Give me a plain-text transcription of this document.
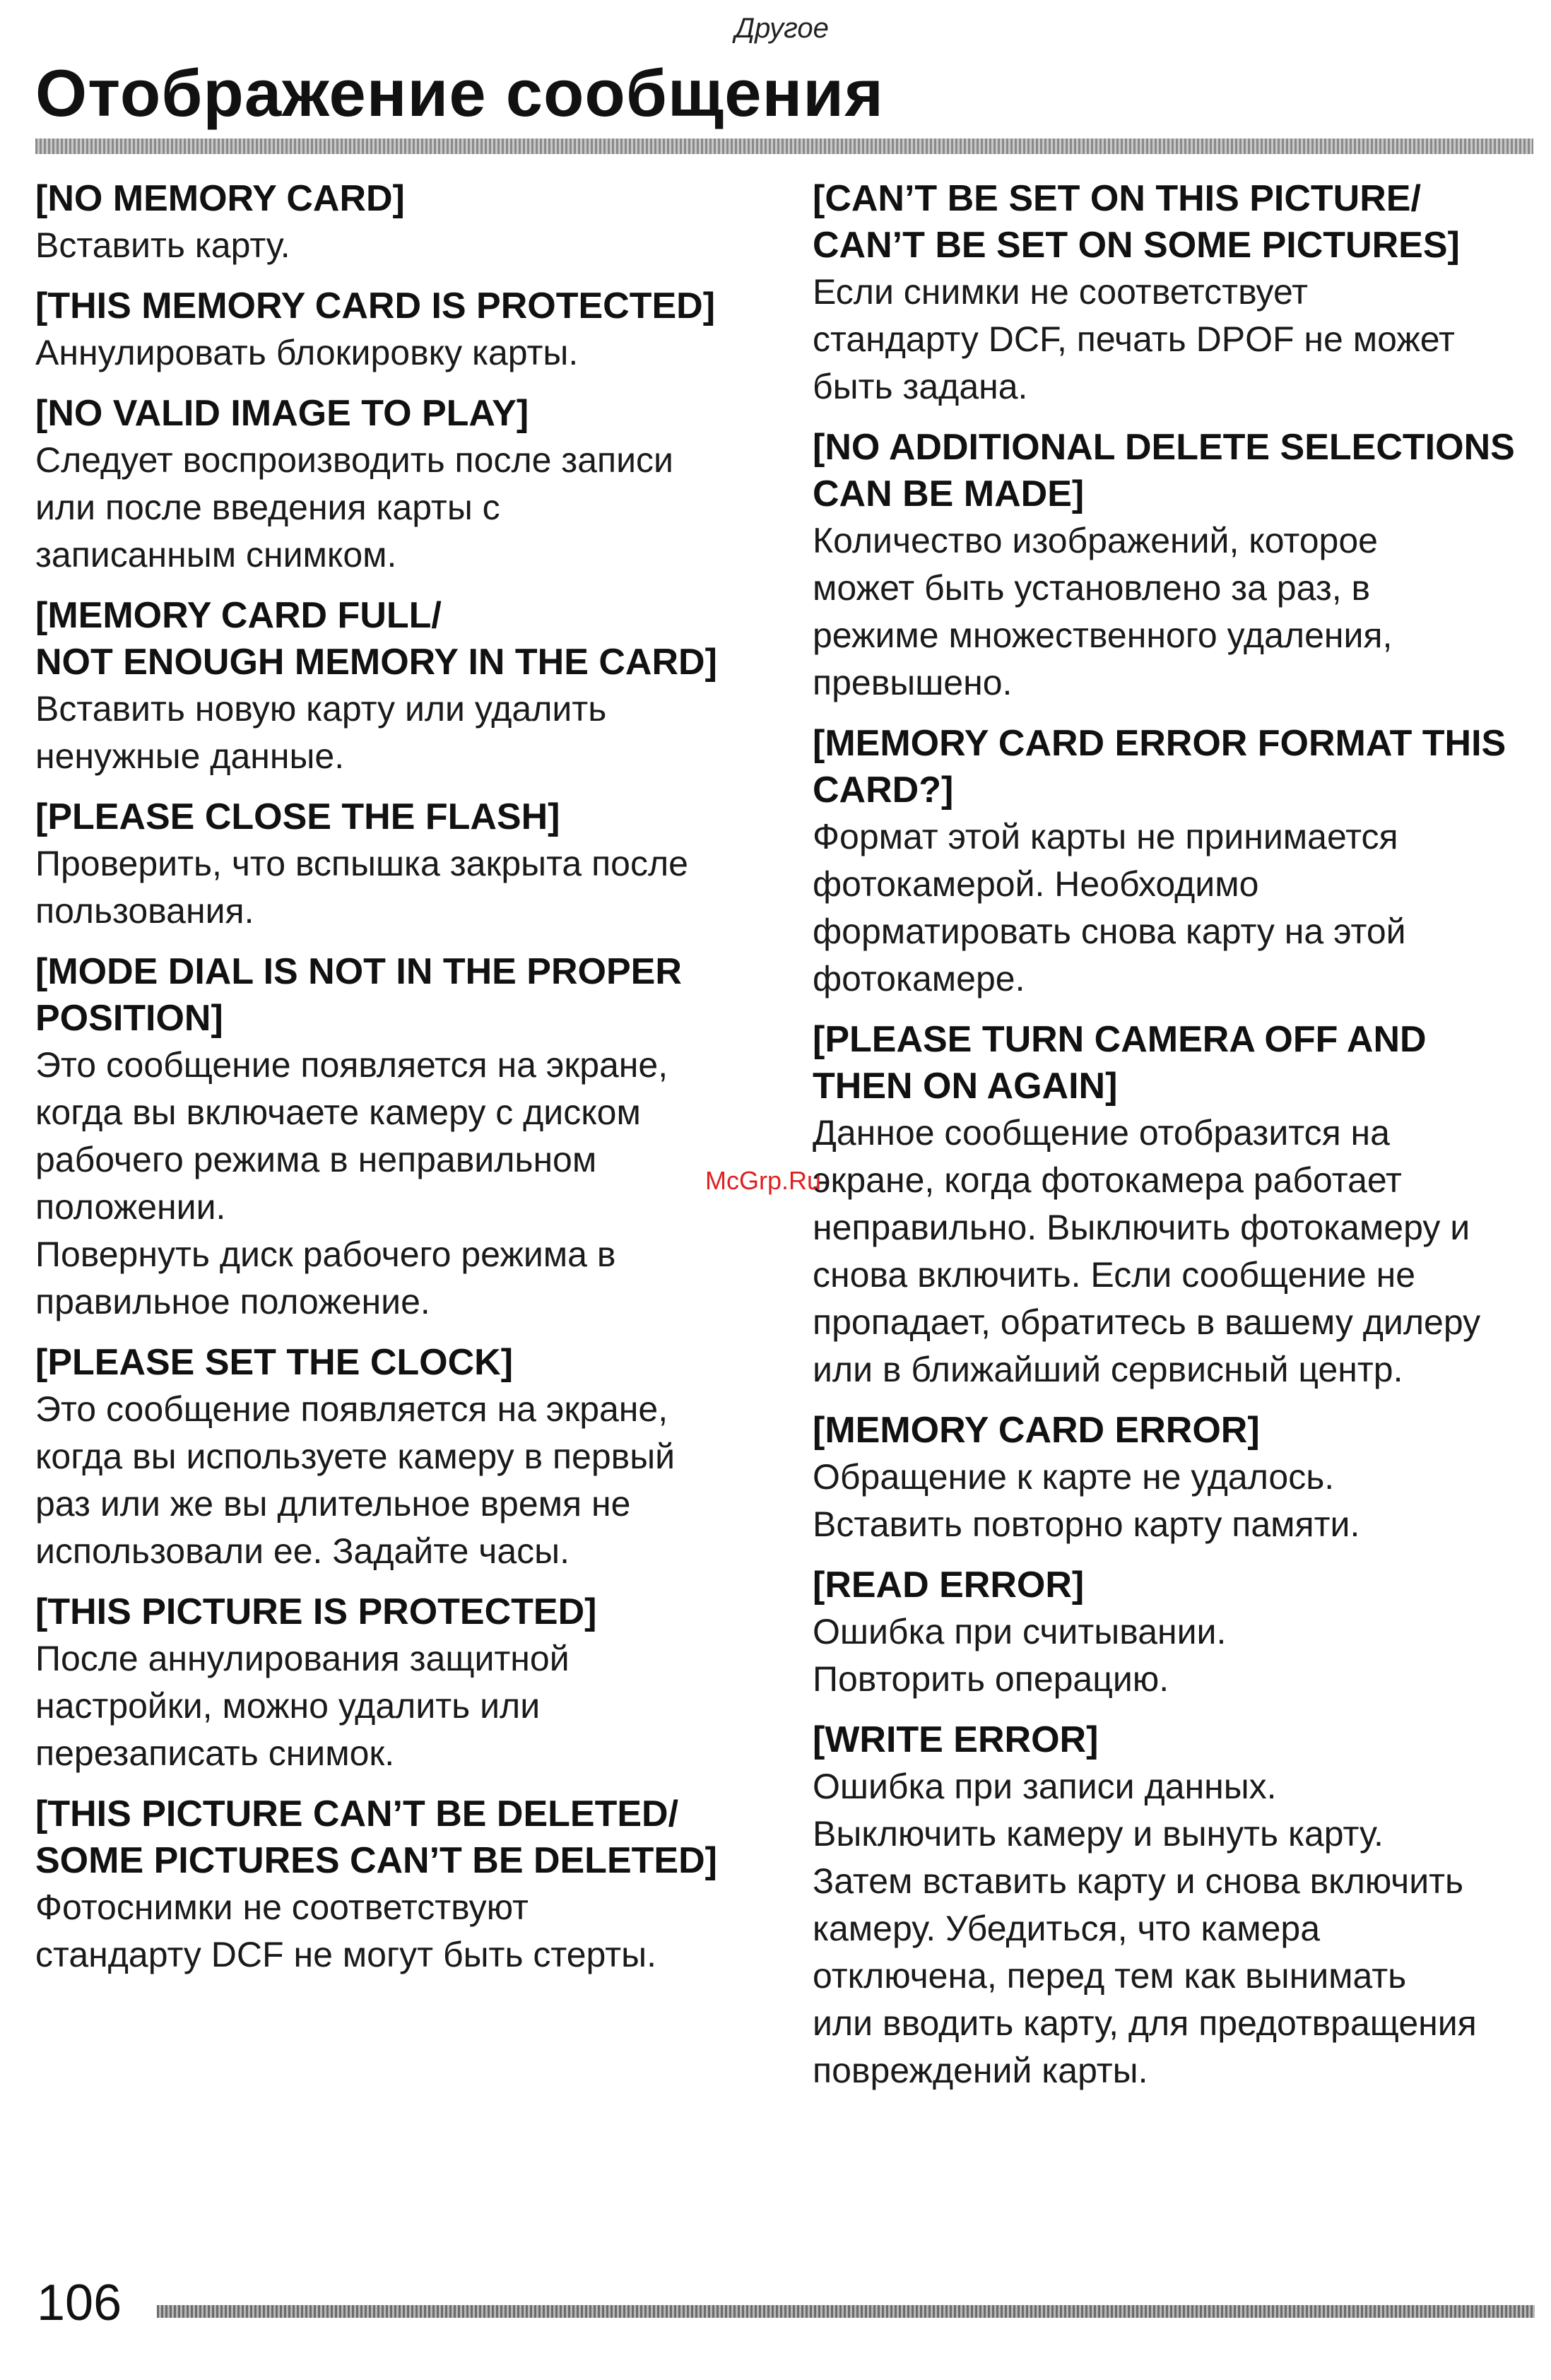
Другое
Отображение сообщения

[NO MEMORY CARD]

Вставить карту.

[THIS MEMORY CARD IS PROTECTED]

Аннулировать блокировку карты.

[NO VALID IMAGE TO PLAY]

Следует воспроизводить после записи
или после введения карты с
записанным снимком.

[MEMORY CARD FULL/
NOT ENOUGH MEMORY IN THE CARD]

Вставить новую карту или удалить
ненужные данные.

[PLEASE CLOSE THE FLASH]

Проверить, что вспышка закрыта после
пользования.

[MODE DIAL IS NOT IN THE PROPER
POSITION]

Это сообщение появляется на экране,
когда вы включаете камеру с диском
рабочего режима в неправильном
положении.
Повернуть диск рабочего режима в
правильное положение.

[PLEASE SET THE CLOCK]

Это сообщение появляется на экране,
когда вы используете камеру в первый
раз или же вы длительное время не
использовали ее. Задайте часы.

[THIS PICTURE IS PROTECTED]

После аннулирования защитной
настройки, можно удалить или
перезаписать снимок.

[THIS PICTURE CAN’T BE DELETED/
SOME PICTURES CAN’T BE DELETED]

Фотоснимки не соответствуют
стандарту DCF не могут быть стерты.

[CAN’T BE SET ON THIS PICTURE/
CAN’T BE SET ON SOME PICTURES]

Если снимки не соответствует
стандарту DCF, печать DPOF не может
быть задана.

[NO ADDITIONAL DELETE SELECTIONS
CAN BE MADE]

Количество изображений, которое
может быть установлено за раз, в
режиме множественного удаления,
превышено.

[MEMORY CARD ERROR FORMAT THIS
CARD?]

Формат этой карты не принимается
фотокамерой. Необходимо
форматировать снова карту на этой
фотокамере.

[PLEASE TURN CAMERA OFF AND
THEN ON AGAIN]

Данное сообщение отобразится на
экране, когда фотокамера работает
неправильно. Выключить фотокамеру и
снова включить. Если сообщение не
пропадает, обратитесь в вашему дилеру
или в ближайший сервисный центр.

[MEMORY CARD ERROR]

Обращение к карте не удалось.
Вставить повторно карту памяти.

[READ ERROR]

Ошибка при считывании.
Повторить операцию.

[WRITE ERROR]

Ошибка при записи данных.
Выключить камеру и вынуть карту.
Затем вставить карту и снова включить
камеру. Убедиться, что камера
отключена, перед тем как вынимать
или вводить карту, для предотвращения
повреждений карты.

McGrp.Ru
106
